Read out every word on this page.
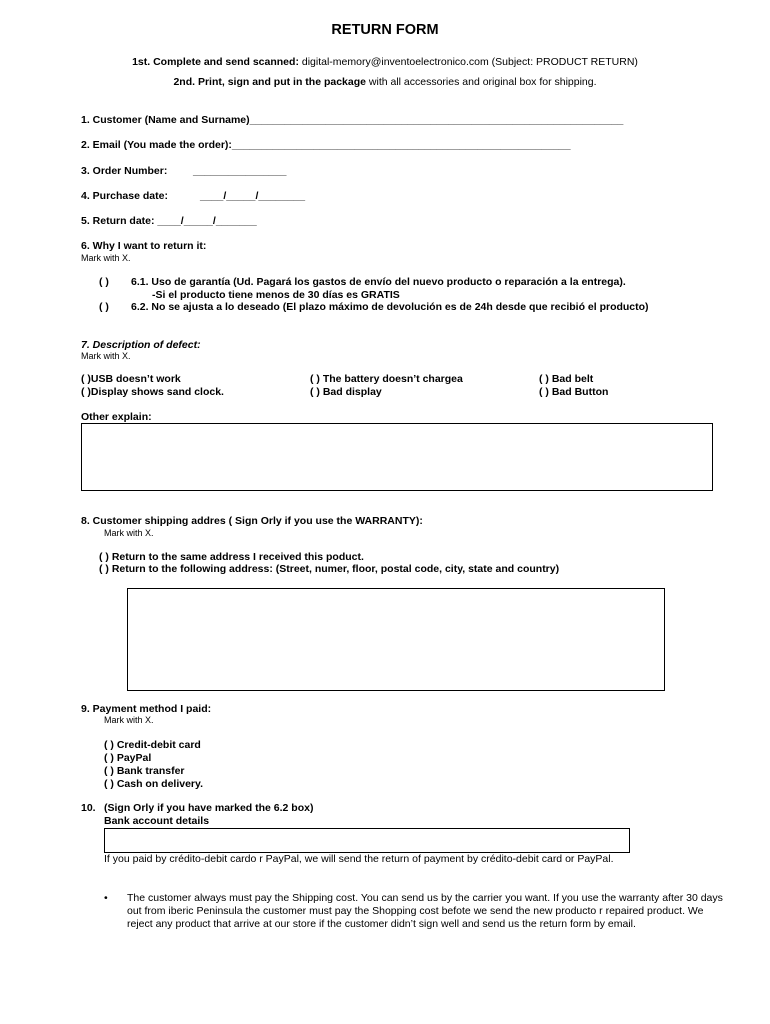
RETURN FORM
1st. Complete and send scanned: digital-memory@inventoelectronico.com (Subject: PRODUCT RETURN)
2nd. Print, sign and put in the package with all accessories and original box for shipping.
1. Customer (Name and Surname)________________________________________________________________
2. Email (You made the order):__________________________________________________________
3. Order Number: ________________
4. Purchase date:	____/_____/________
5. Return date: ____/_____/_______
6. Why I want to return it:
Mark with X.
( ) 6.1. Uso de garantía (Ud. Pagará los gastos de envío del nuevo producto o reparación a la entrega).
-Si el producto tiene menos de 30 días es GRATIS
( ) 6.2. No se ajusta a lo deseado (El plazo máximo de devolución es de 24h desde que recibió el producto)
7. Description of defect:
Mark with X.
( )USB doesn’t work
( )Display shows sand clock.
( ) The battery doesn’t chargea
( ) Bad display
( ) Bad belt
( ) Bad Button
Other explain:
8. Customer shipping addres ( Sign Orly if you use the WARRANTY):
Mark with X.
( ) Return to the same address I received this poduct.
( ) Return to the following address: (Street, numer, floor, postal code, city, state and country)
9. Payment method I paid:
Mark with X.
( ) Credit-debit card
( ) PayPal
( ) Bank transfer
( ) Cash on delivery.
10. (Sign Orly if you have marked the 6.2 box)
Bank account details
If you paid by crédito-debit cardo r PayPal, we will send the return of payment by crédito-debit card or PayPal.
• The customer always must pay the Shipping cost. You can send us by the carrier you want. If you use the warranty after 30 days out from iberic Peninsula the customer must pay the Shopping cost befote we send the new producto r repaired product. We reject any product that arrive at our store if the customer didn’t sign well and send us the return form by email.
